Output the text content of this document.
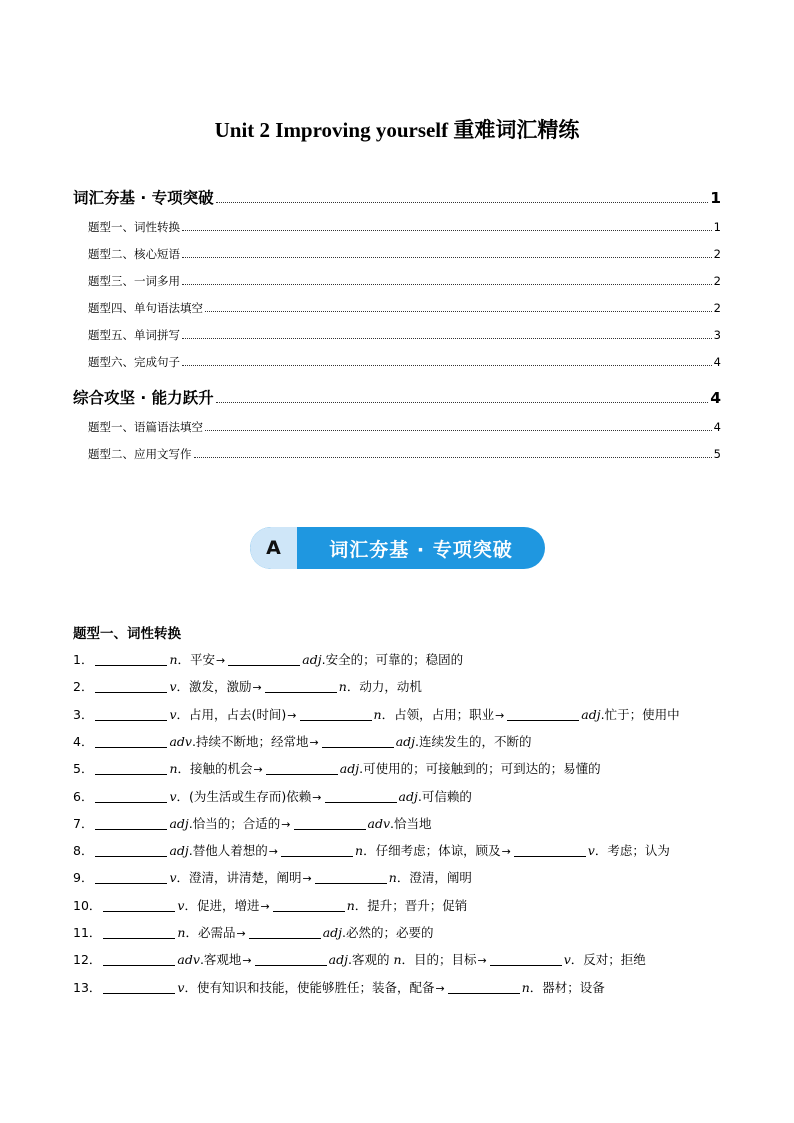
Unit 2 Improving yourself 重难词汇精练
词汇夯基 · 专项突破	1
题型一、词性转换	1
题型二、核心短语	2
题型三、一词多用	2
题型四、单句语法填空	2
题型五、单词拼写	3
题型六、完成句子	4
综合攻坚 · 能力跃升	4
题型一、语篇语法填空	4
题型二、应用文写作	5
A	词汇夯基 · 专项突破
题型一、词性转换
1．	n．平安→	adj.安全的；可靠的；稳固的
2．	v．激发，激励→	n．动力，动机
3．	v．占用，占去(时间)→	n．占领，占用；职业→	adj.忙于；使用中
4．	adv.持续不断地；经常地→	adj.连续发生的，不断的
5．	n．接触的机会→	adj.可使用的；可接触到的；可到达的；易懂的
6．	v．(为生活或生存而)依赖→	adj.可信赖的
7．	adj.恰当的；合适的→	adv.恰当地
8．	adj.替他人着想的→	n．仔细考虑；体谅，顾及→	v．考虑；认为
9．	v．澄清，讲清楚，阐明→	n．澄清，阐明
10．	v．促进，增进→	n．提升；晋升；促销
11．	n．必需品→	adj.必然的；必要的
12．	adv.客观地→	adj.客观的 n．目的；目标→	v．反对；拒绝
13．	v．使有知识和技能，使能够胜任；装备，配备→	n．器材；设备
